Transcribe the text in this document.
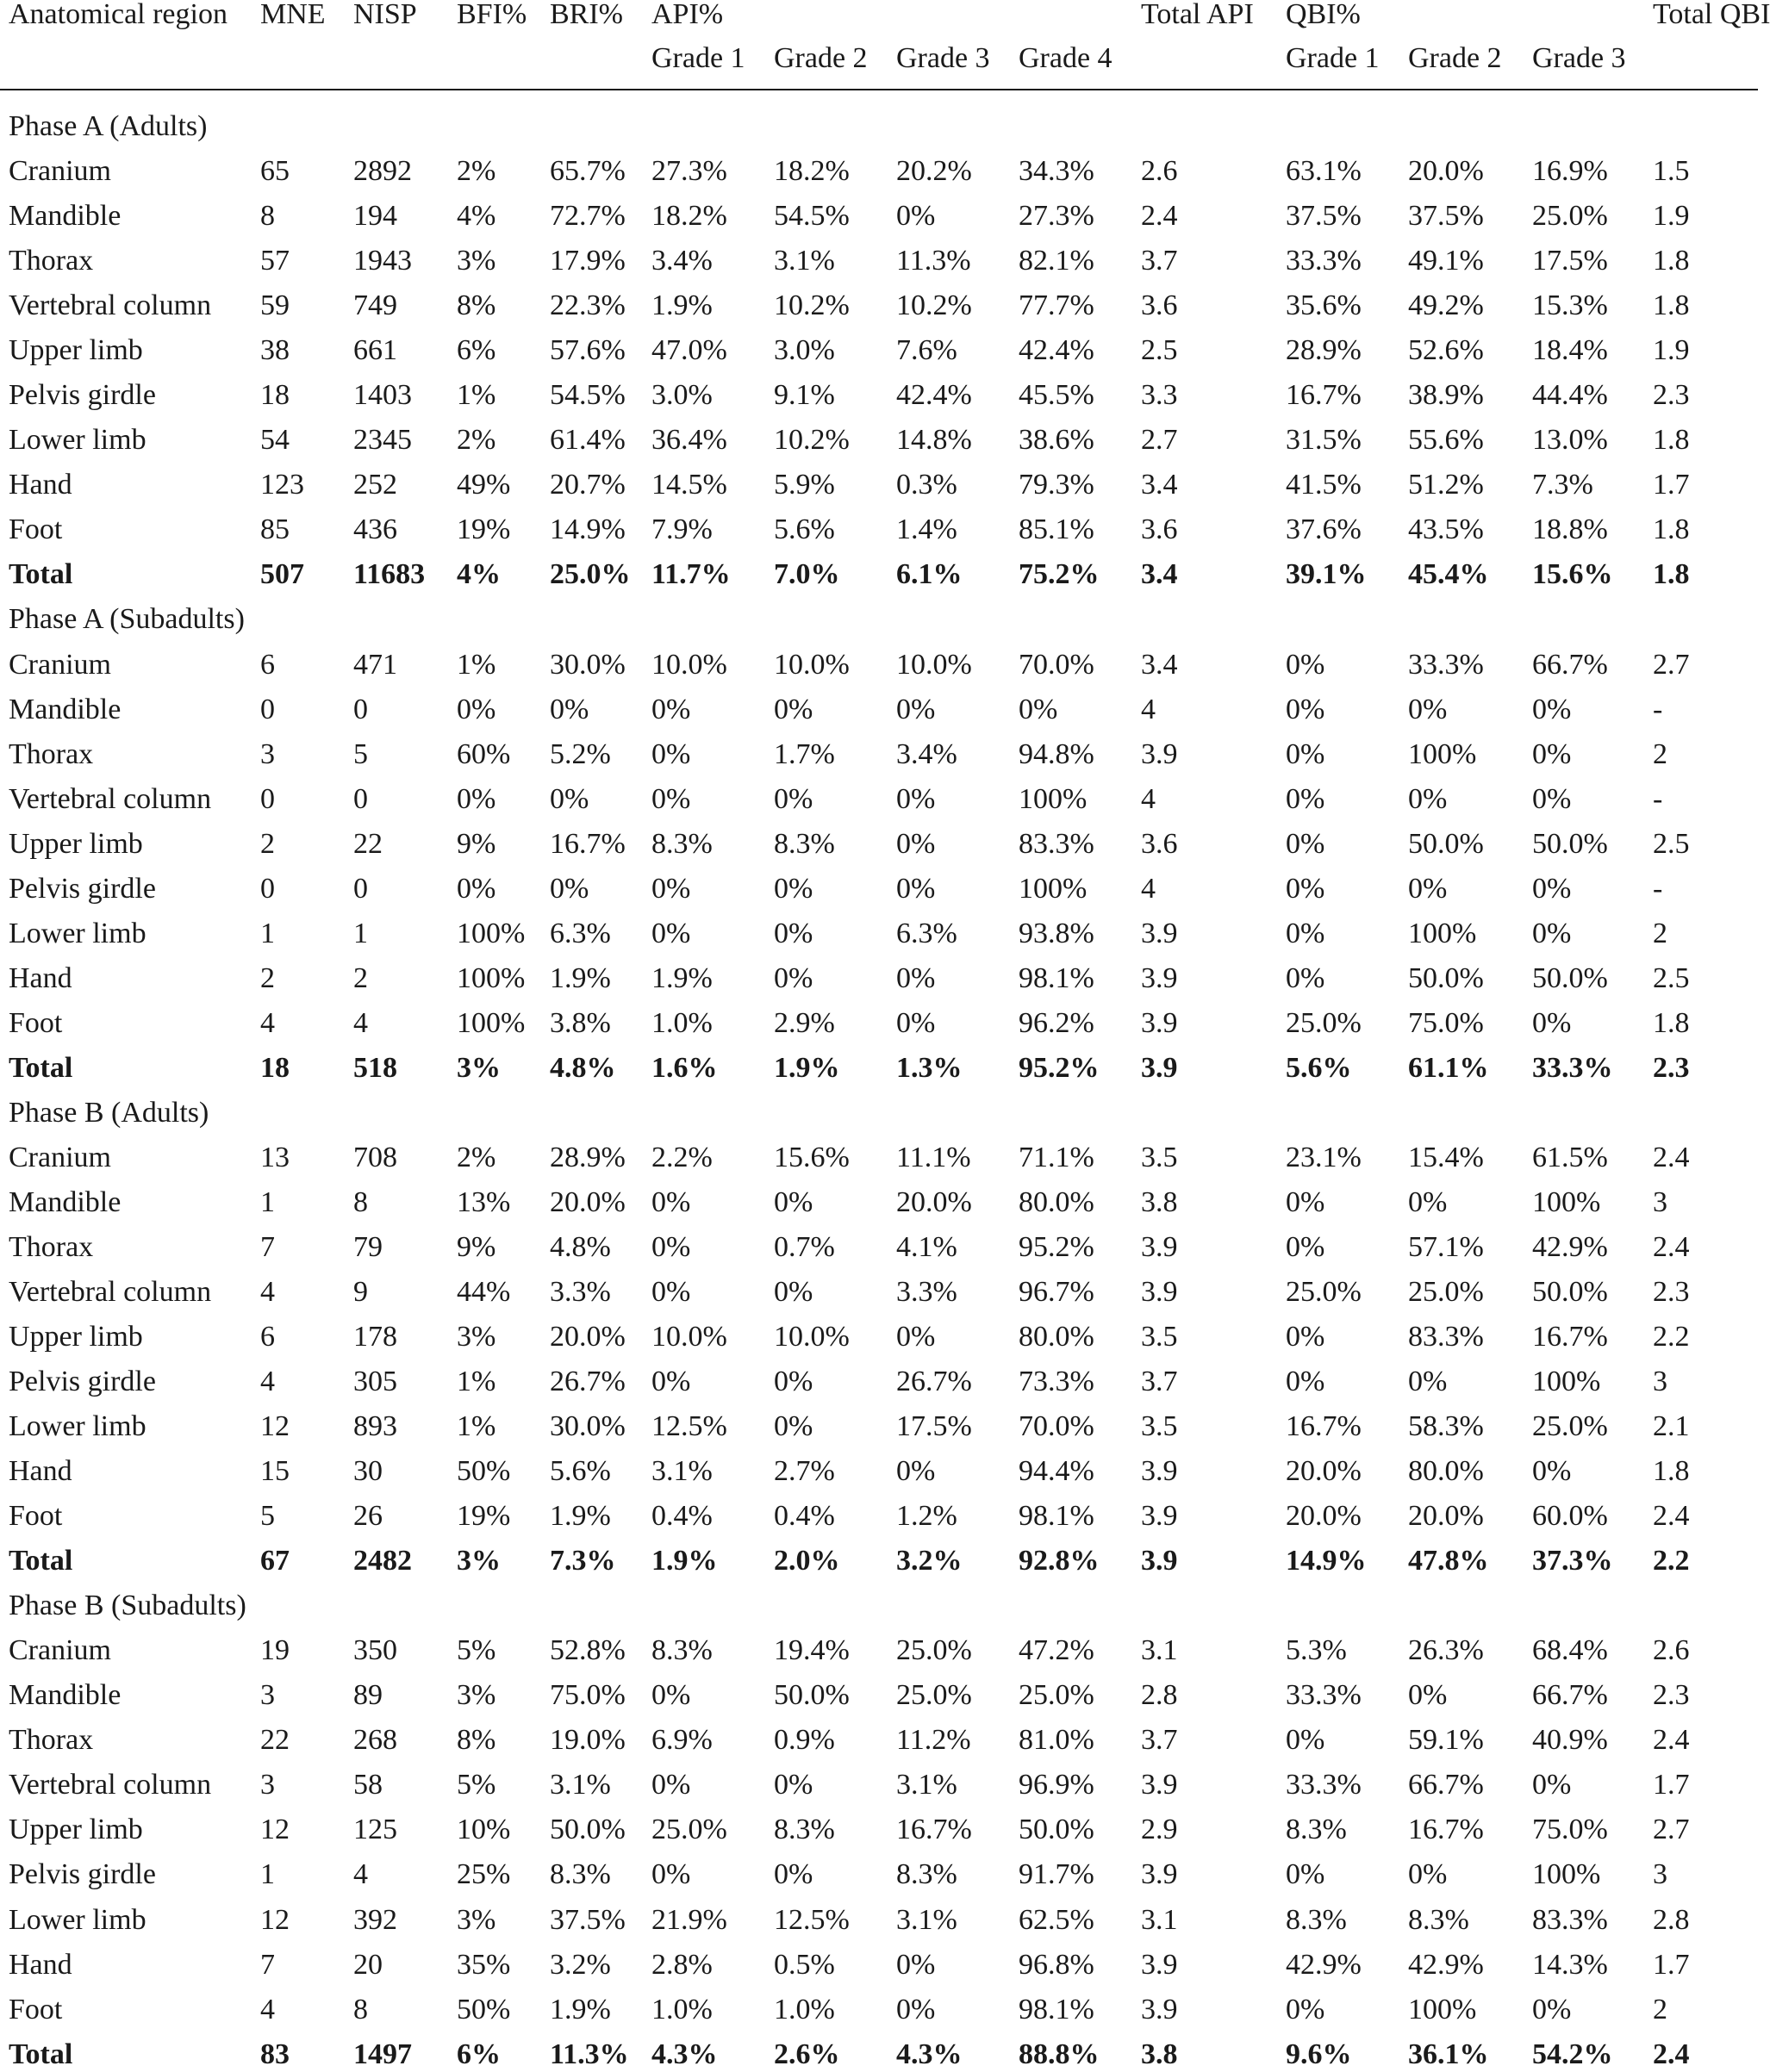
Anatomical region MNE NISP BFI% BRI% API%	Total API QBI%	Total QBI
Grade 1 Grade 2 Grade 3 Grade 4	Grade 1 Grade 2 Grade 3
Phase A (Adults)
Cranium	65 2892 2% 65.7% 27.3% 18.2% 20.2% 34.3% 2.6	63.1% 20.0% 16.9% 1.5
Mandible	8	194 4% 72.7% 18.2% 54.5% 0%	27.3% 2.4	37.5% 37.5% 25.0% 1.9
Thorax	57 1943 3% 17.9% 3.4% 3.1% 11.3% 82.1% 3.7	33.3% 49.1% 17.5% 1.8
Vertebral column 59 749 8% 22.3% 1.9% 10.2% 10.2% 77.7% 3.6	35.6% 49.2% 15.3% 1.8
Upper limb	38 661 6% 57.6% 47.0% 3.0% 7.6% 42.4% 2.5	28.9% 52.6% 18.4% 1.9
Pelvis girdle	18 1403 1% 54.5% 3.0% 9.1% 42.4% 45.5% 3.3	16.7% 38.9% 44.4% 2.3
Lower limb	54 2345 2% 61.4% 36.4% 10.2% 14.8% 38.6% 2.7	31.5% 55.6% 13.0% 1.8
Hand	123 252 49% 20.7% 14.5% 5.9% 0.3% 79.3% 3.4	41.5% 51.2% 7.3% 1.7
Foot	85 436 19% 14.9% 7.9% 5.6% 1.4% 85.1% 3.6	37.6% 43.5% 18.8% 1.8
Total	507 11683 4% 25.0% 11.7% 7.0% 6.1% 75.2% 3.4	39.1% 45.4% 15.6% 1.8
Phase A (Subadults)
Cranium	6	471 1% 30.0% 10.0% 10.0% 10.0% 70.0% 3.4	0%	33.3% 66.7% 2.7
Mandible	0	0	0% 0% 0%	0%	0%	0%	4	0%	0%	0%	-
Thorax	3	5	60% 5.2% 0%	1.7% 3.4% 94.8% 3.9	0%	100% 0%	2
Vertebral column 0	0	0% 0% 0%	0%	0%	100% 4	0%	0%	0%	-
Upper limb	2	22	9% 16.7% 8.3% 8.3% 0%	83.3% 3.6	0%	50.0% 50.0% 2.5
Pelvis girdle	0	0	0% 0% 0%	0%	0%	100% 4	0%	0%	0%	-
Lower limb	1	1	100% 6.3% 0%	0%	6.3% 93.8% 3.9	0%	100% 0%	2
Hand	2	2	100% 1.9% 1.9% 0%	0%	98.1% 3.9	0%	50.0% 50.0% 2.5
Foot	4	4	100% 3.8% 1.0% 2.9% 0%	96.2% 3.9	25.0% 75.0% 0%	1.8
Total	18 518 3% 4.8% 1.6% 1.9% 1.3% 95.2% 3.9	5.6% 61.1% 33.3% 2.3
Phase B (Adults)
Cranium	13 708 2% 28.9% 2.2% 15.6% 11.1% 71.1% 3.5	23.1% 15.4% 61.5% 2.4
Mandible	1	8	13% 20.0% 0%	0%	20.0% 80.0% 3.8	0%	0%	100% 3
Thorax	7	79	9% 4.8% 0%	0.7% 4.1% 95.2% 3.9	0%	57.1% 42.9% 2.4
Vertebral column 4	9	44% 3.3% 0%	0%	3.3% 96.7% 3.9	25.0% 25.0% 50.0% 2.3
Upper limb	6	178 3% 20.0% 10.0% 10.0% 0%	80.0% 3.5	0%	83.3% 16.7% 2.2
Pelvis girdle	4	305 1% 26.7% 0%	0%	26.7% 73.3% 3.7	0%	0%	100% 3
Lower limb	12 893 1% 30.0% 12.5% 0%	17.5% 70.0% 3.5	16.7% 58.3% 25.0% 2.1
Hand	15 30	50% 5.6% 3.1% 2.7% 0%	94.4% 3.9	20.0% 80.0% 0%	1.8
Foot	5	26	19% 1.9% 0.4% 0.4% 1.2% 98.1% 3.9	20.0% 20.0% 60.0% 2.4
Total	67 2482 3% 7.3% 1.9% 2.0% 3.2% 92.8% 3.9	14.9% 47.8% 37.3% 2.2
Phase B (Subadults)
Cranium	19 350 5% 52.8% 8.3% 19.4% 25.0% 47.2% 3.1	5.3% 26.3% 68.4% 2.6
Mandible	3	89	3% 75.0% 0%	50.0% 25.0% 25.0% 2.8	33.3% 0%	66.7% 2.3
Thorax	22 268 8% 19.0% 6.9% 0.9% 11.2% 81.0% 3.7	0%	59.1% 40.9% 2.4
Vertebral column 3	58	5% 3.1% 0%	0%	3.1% 96.9% 3.9	33.3% 66.7% 0%	1.7
Upper limb	12 125 10% 50.0% 25.0% 8.3% 16.7% 50.0% 2.9	8.3% 16.7% 75.0% 2.7
Pelvis girdle	1	4	25% 8.3% 0%	0%	8.3% 91.7% 3.9	0%	0%	100% 3
Lower limb	12 392 3% 37.5% 21.9% 12.5% 3.1% 62.5% 3.1	8.3% 8.3% 83.3% 2.8
Hand	7	20	35% 3.2% 2.8% 0.5% 0%	96.8% 3.9	42.9% 42.9% 14.3% 1.7
Foot	4	8	50% 1.9% 1.0% 1.0% 0%	98.1% 3.9	0%	100% 0%	2
Total	83 1497 6% 11.3% 4.3% 2.6% 4.3% 88.8% 3.8	9.6% 36.1% 54.2% 2.4
